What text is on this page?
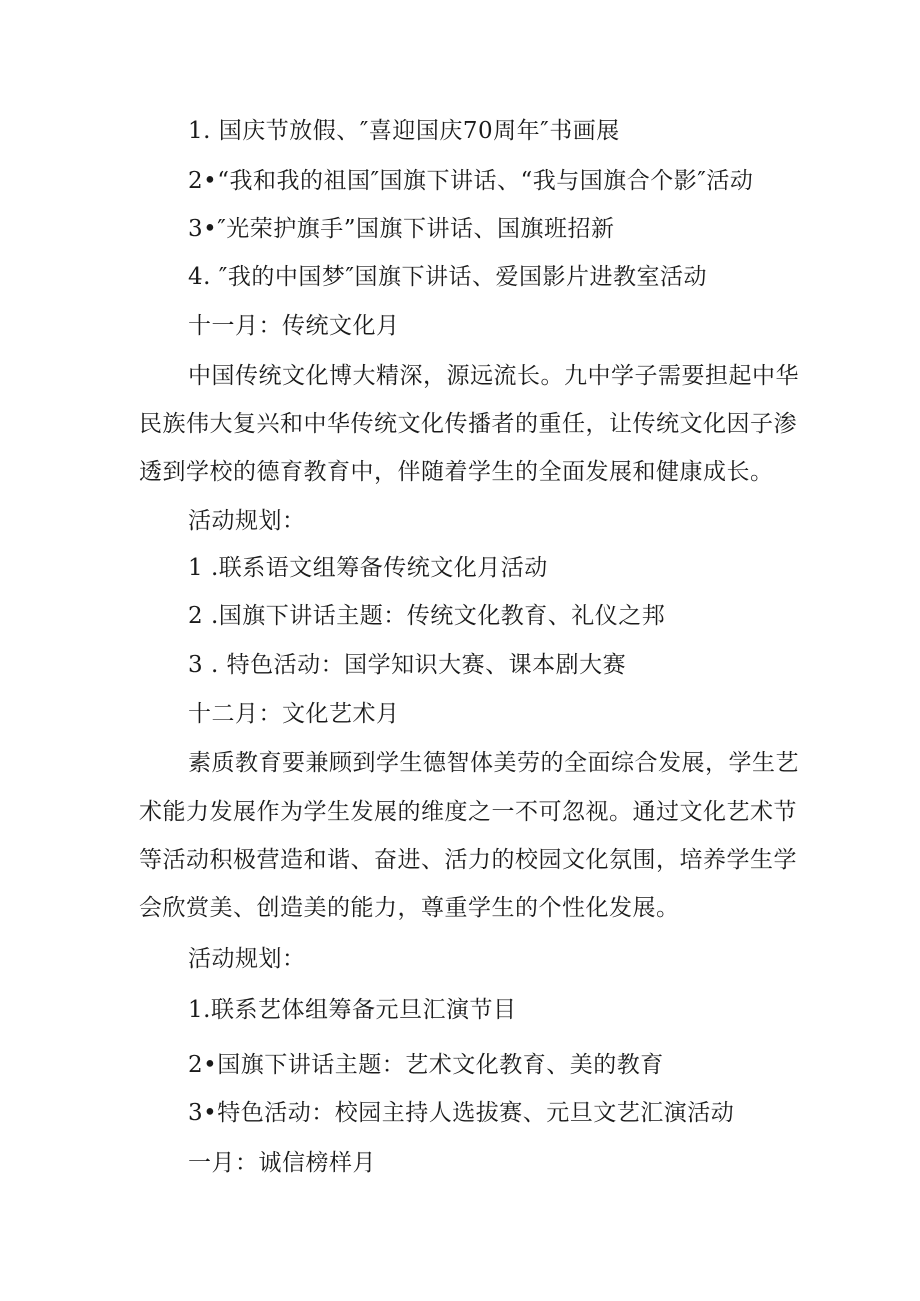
1. 国庆节放假、″喜迎国庆70周年″书画展
2•“我和我的祖国″国旗下讲话、“我与国旗合个影″活动
3•″光荣护旗手”国旗下讲话、国旗班招新
4. ″我的中国梦″国旗下讲话、爱国影片进教室活动
十一月：传统文化月
中国传统文化博大精深，源远流长。九中学子需要担起中华
民族伟大复兴和中华传统文化传播者的重任，让传统文化因子渗
透到学校的德育教育中，伴随着学生的全面发展和健康成长。
活动规划：
1 .联系语文组筹备传统文化月活动
2 .国旗下讲话主题：传统文化教育、礼仪之邦
3 . 特色活动：国学知识大赛、课本剧大赛
十二月：文化艺术月
素质教育要兼顾到学生德智体美劳的全面综合发展，学生艺
术能力发展作为学生发展的维度之一不可忽视。通过文化艺术节
等活动积极营造和谐、奋进、活力的校园文化氛围，培养学生学
会欣赏美、创造美的能力，尊重学生的个性化发展。
活动规划：
1.联系艺体组筹备元旦汇演节目
2•国旗下讲话主题：艺术文化教育、美的教育
3•特色活动：校园主持人选拔赛、元旦文艺汇演活动
一月：诚信榜样月
